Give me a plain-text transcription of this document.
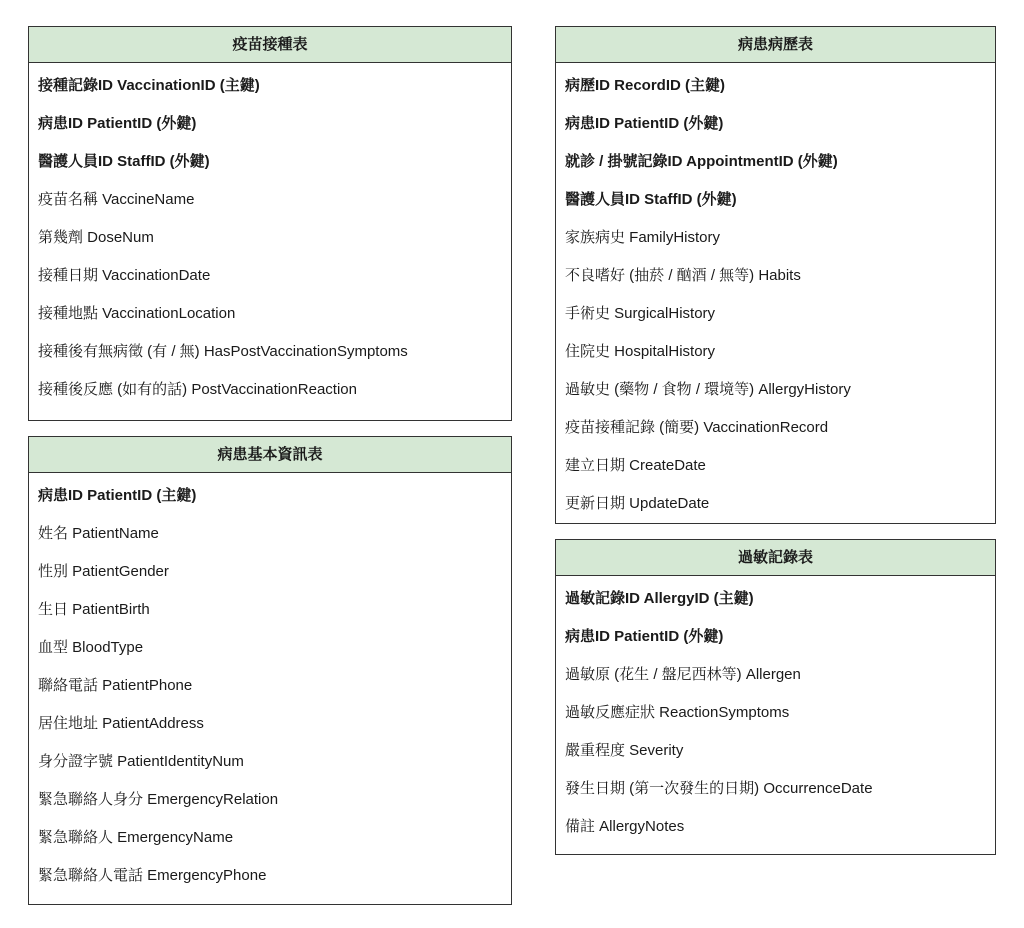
疫苗接種表
接種記錄ID VaccinationID (主鍵)
病患ID PatientID (外鍵)
醫護人員ID StaffID (外鍵)
疫苗名稱 VaccineName
第幾劑 DoseNum
接種日期 VaccinationDate
接種地點 VaccinationLocation
接種後有無病徵 (有 / 無) HasPostVaccinationSymptoms
接種後反應 (如有的話) PostVaccinationReaction
病患基本資訊表
病患ID PatientID (主鍵)
姓名 PatientName
性別 PatientGender
生日 PatientBirth
血型 BloodType
聯絡電話 PatientPhone
居住地址 PatientAddress
身分證字號 PatientIdentityNum
緊急聯絡人身分 EmergencyRelation
緊急聯絡人 EmergencyName
緊急聯絡人電話 EmergencyPhone
病患病歷表
病歷ID RecordID (主鍵)
病患ID PatientID (外鍵)
就診 / 掛號記錄ID AppointmentID (外鍵)
醫護人員ID StaffID (外鍵)
家族病史 FamilyHistory
不良嗜好 (抽菸 / 酗酒 / 無等) Habits
手術史 SurgicalHistory
住院史 HospitalHistory
過敏史 (藥物 / 食物 / 環境等) AllergyHistory
疫苗接種記錄 (簡要) VaccinationRecord
建立日期 CreateDate
更新日期 UpdateDate
過敏記錄表
過敏記錄ID AllergyID (主鍵)
病患ID PatientID (外鍵)
過敏原 (花生 / 盤尼西林等) Allergen
過敏反應症狀 ReactionSymptoms
嚴重程度 Severity
發生日期 (第一次發生的日期) OccurrenceDate
備註 AllergyNotes
